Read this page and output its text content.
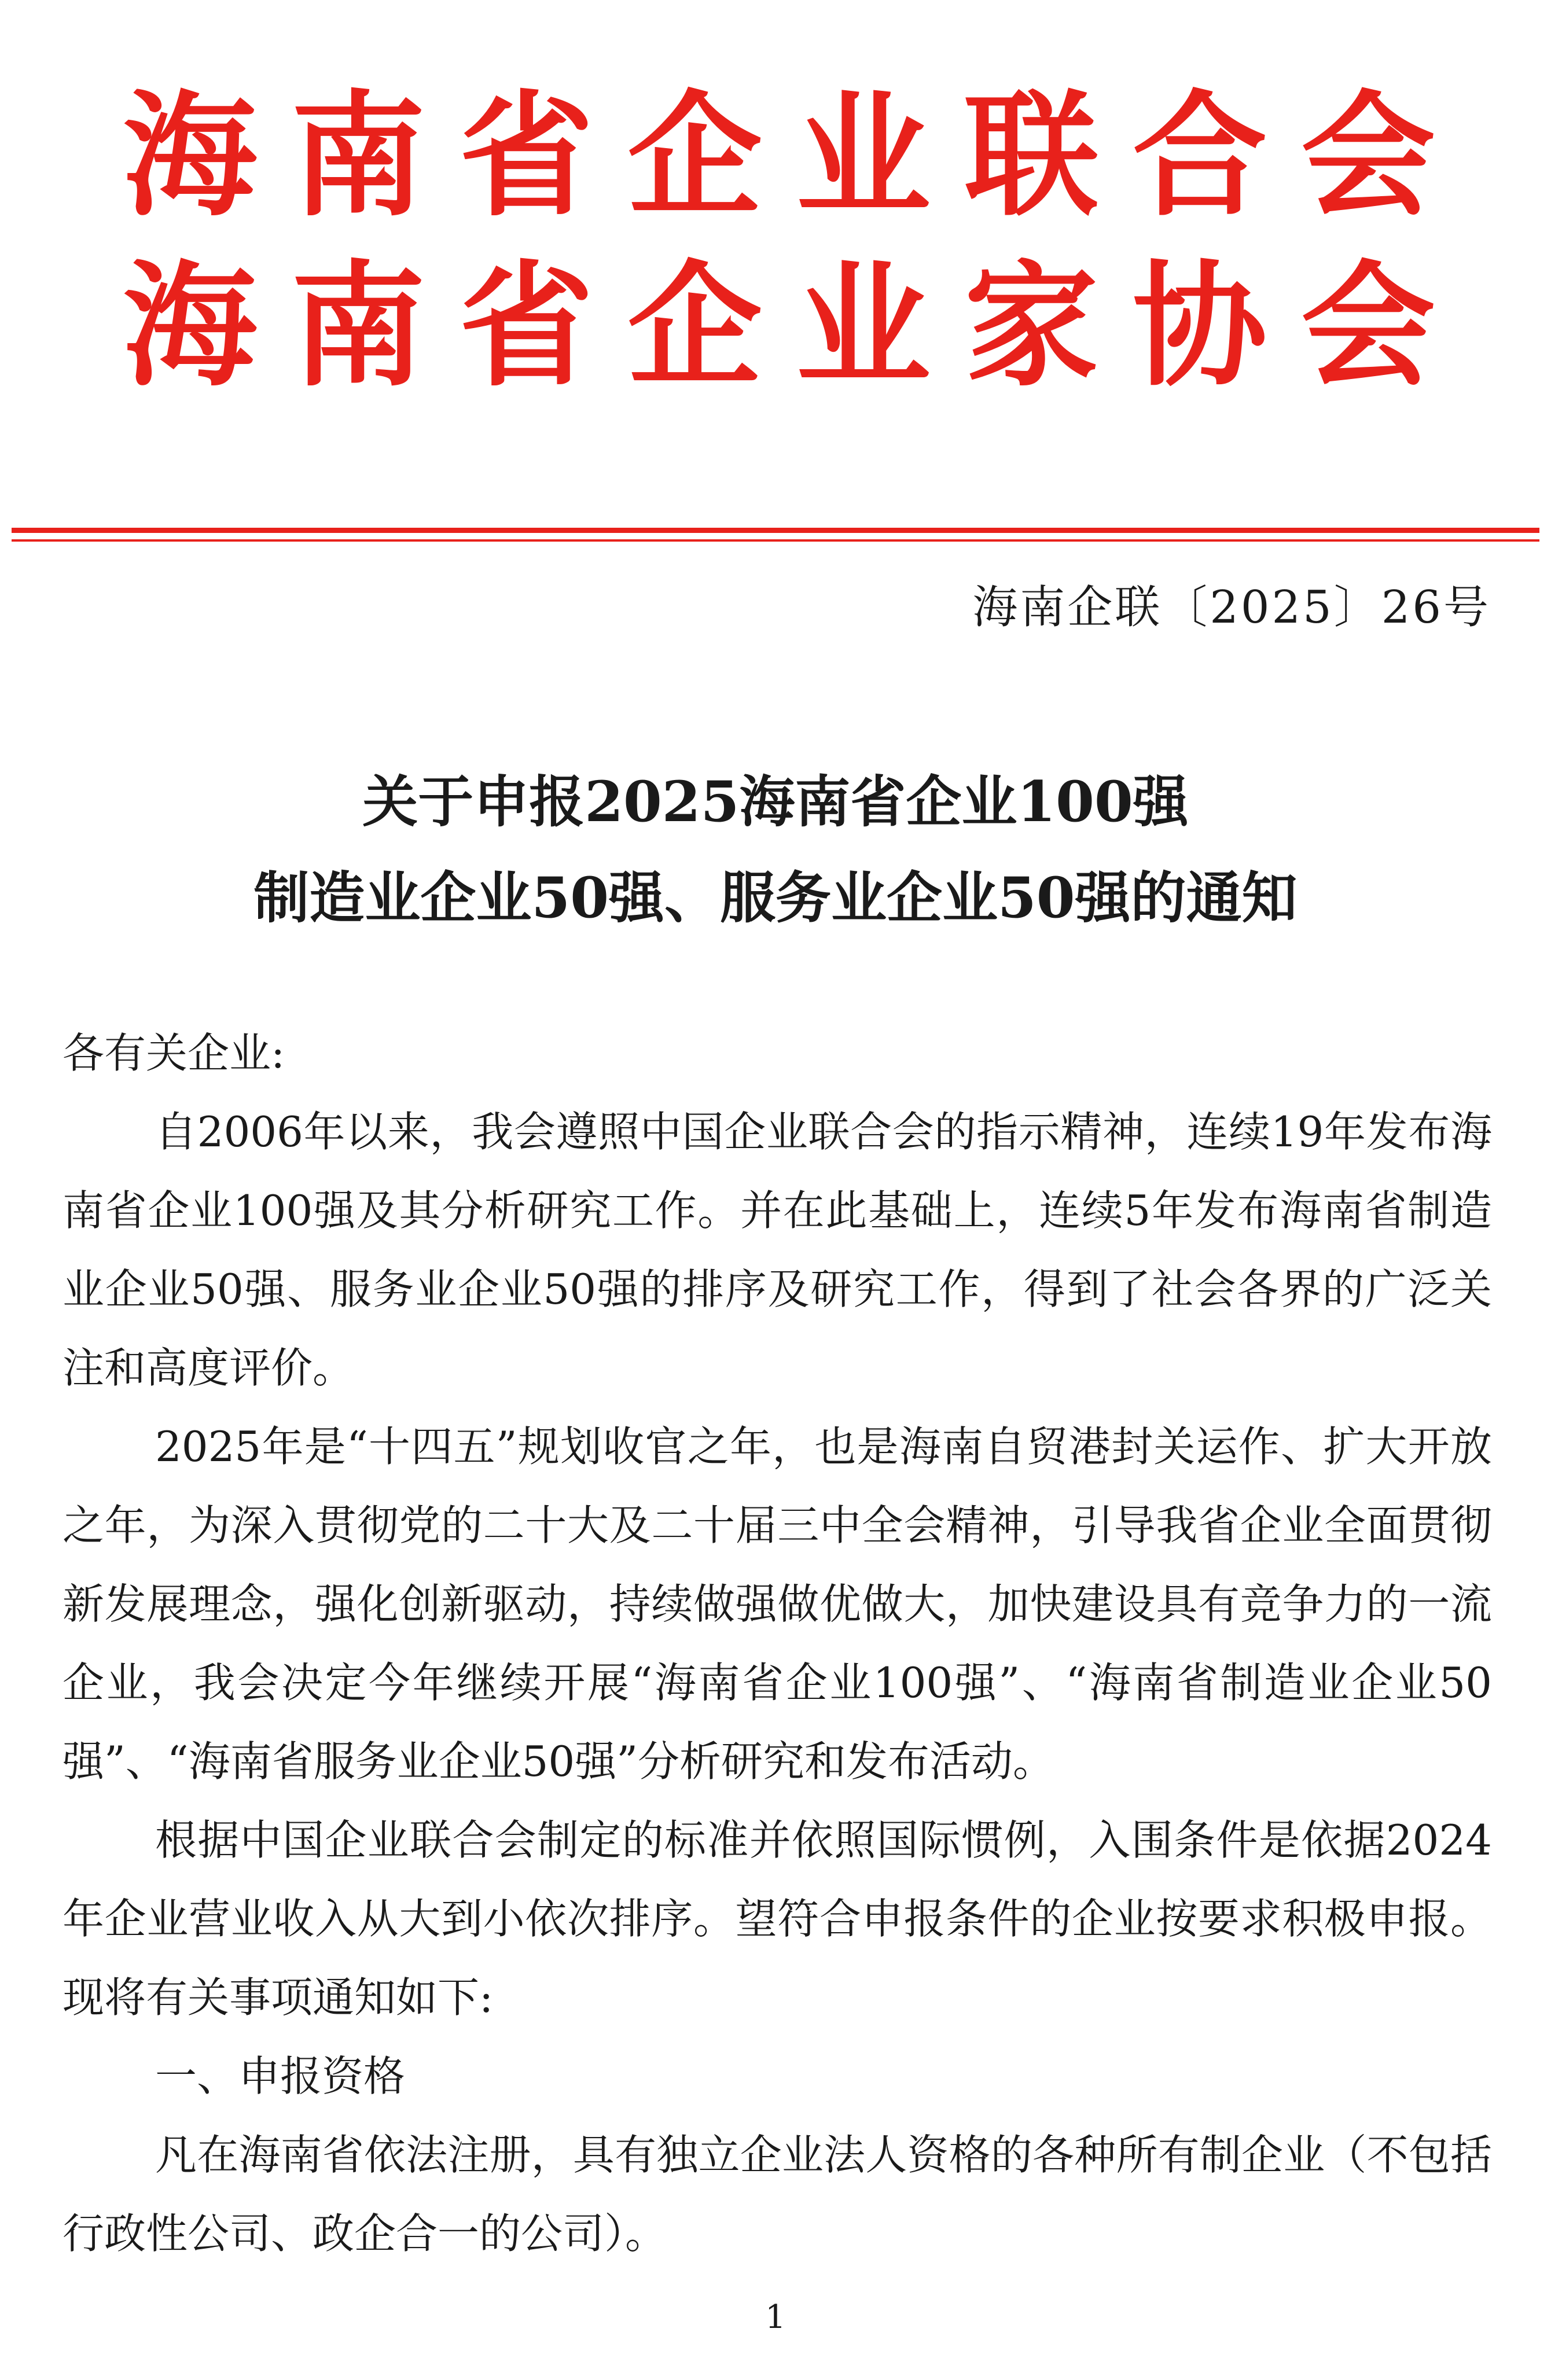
海南省企业联合会
海南省企业家协会
海南企联〔2025〕26号
关于申报2025海南省企业100强
制造业企业50强、服务业企业50强的通知

各有关企业:

自2006年以来，我会遵照中国企业联合会的指示精神，连续19年发布海南省企业100强及其分析研究工作。并在此基础上，连续5年发布海南省制造业企业50强、服务业企业50强的排序及研究工作，得到了社会各界的广泛关注和高度评价。

2025年是“十四五”规划收官之年，也是海南自贸港封关运作、扩大开放之年，为深入贯彻党的二十大及二十届三中全会精神，引导我省企业全面贯彻新发展理念，强化创新驱动，持续做强做优做大，加快建设具有竞争力的一流企业，我会决定今年继续开展“海南省企业100强”、“海南省制造业企业50强”、“海南省服务业企业50强”分析研究和发布活动。

根据中国企业联合会制定的标准并依照国际惯例，入围条件是依据2024年企业营业收入从大到小依次排序。望符合申报条件的企业按要求积极申报。现将有关事项通知如下:

一、申报资格

凡在海南省依法注册，具有独立企业法人资格的各种所有制企业（不包括行政性公司、政企合一的公司）。

1
